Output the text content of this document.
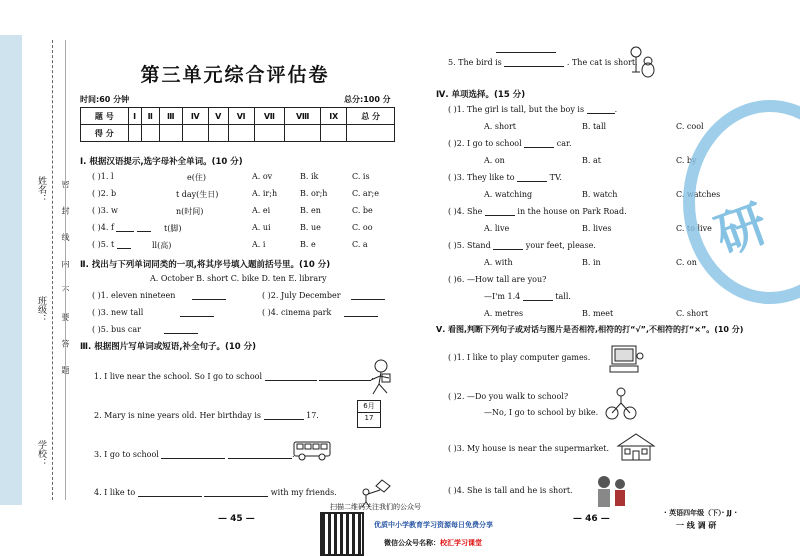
姓名：
班级：
学校：
密 封 线 内 不 要 答 题
第三单元综合评估卷
时间:60 分钟	总分:100 分
题 号	Ⅰ	Ⅱ	Ⅲ	Ⅳ	Ⅴ	Ⅵ	Ⅶ	Ⅷ	Ⅸ	总 分
得 分										
Ⅰ. 根据汉语提示,选字母补全单词。(10 分)
( )1. l	e(住)	A. ov	B. ik	C. is
( )2. b	t day(生日)	A. ir;h	B. or;h	C. ar;e
( )3. w	n(时间)	A. ei	B. en	C. be
( )4. f	t(脚)	A. ui	B. ue	C. oo
( )5. t	ll(高)	A. i	B. e	C. a
Ⅱ. 找出与下列单词同类的一项,将其序号填入题前括号里。(10 分)
A. October B. short C. bike D. ten E. library
( )1. eleven nineteen	( )2. July December
( )3. new tall	( )4. cinema park
( )5. bus car
Ⅲ. 根据图片写单词或短语,补全句子。(10 分)
1. I live near the school. So I go to school	.
2. Mary is nine years old. Her birthday is	17.
3. I go to school	.
4. I like to	with my friends.
6月
17
5. The bird is	. The cat is short.
Ⅳ. 单项选择。(15 分)
( )1. The girl is tall, but the boy is	.
A. short	B. tall	C. cool
( )2. I go to school	car.
A. on	B. at	C. by
( )3. They like to	TV.
A. watching	B. watch	C. watches
( )4. She	in the house on Park Road.
A. live	B. lives	C. to live
( )5. Stand	your feet, please.
A. with	B. in	C. on
( )6. —How tall are you?
—I'm 1.4	tall.
A. metres	B. meet	C. short
Ⅴ. 看图,判断下列句子或对话与图片是否相符,相符的打“√”,不相符的打“×”。(10 分)
( )1. I like to play computer games.
( )2. —Do you walk to school?
—No, I go to school by bike.
( )3. My house is near the supermarket.
( )4. She is tall and he is short.
研
— 45 —	— 46 —
扫描二维码关注我们的公众号
优质中小学教育学习资源每日免费分享
微信公众号名称：校汇学习课堂
· 英语四年级（下）· JJ ·
一 线 调 研
